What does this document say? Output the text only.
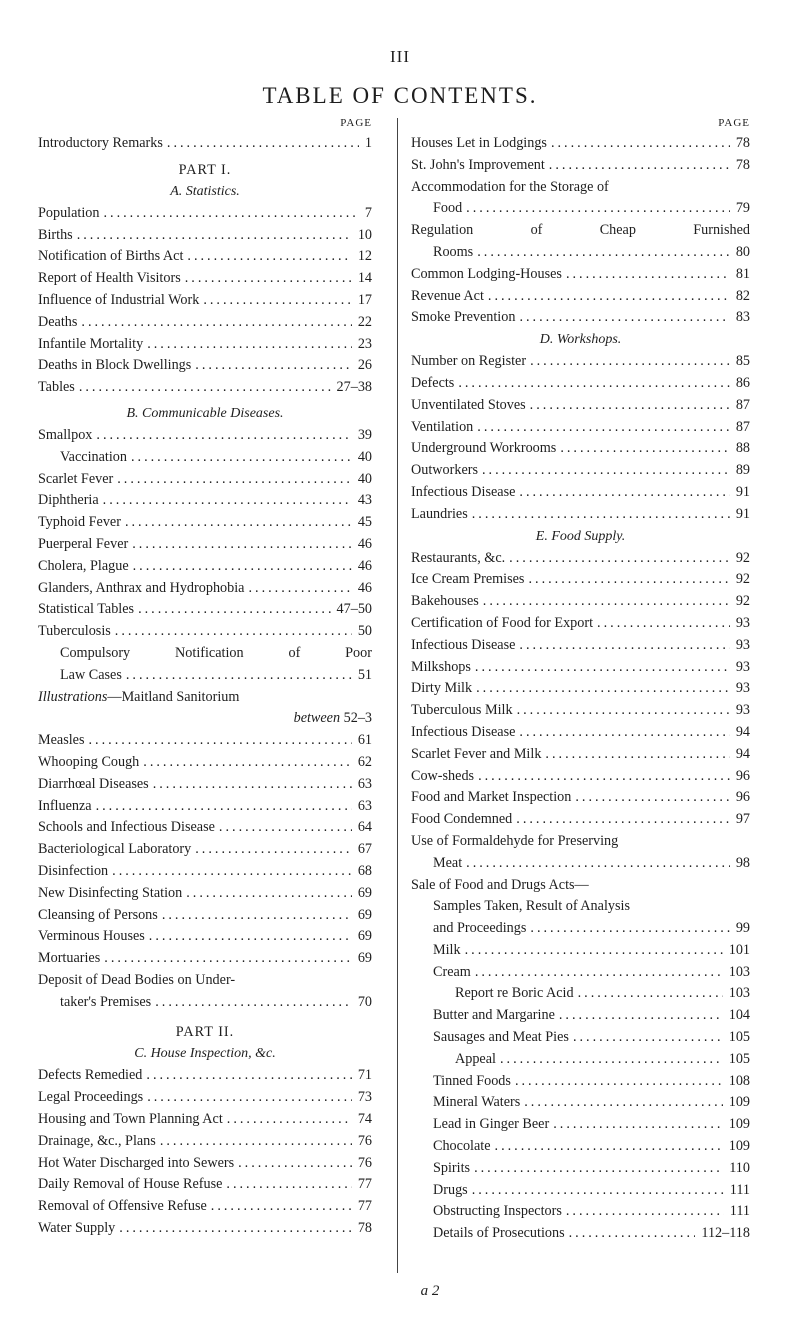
III
TABLE OF CONTENTS.
PAGE
Introductory Remarks .....	1
PART I.
A. Statistics.
Population .....	7
Births .....	10
Notification of Births Act .....	12
Report of Health Visitors .....	14
Influence of Industrial Work .....	17
Deaths .....	22
Infantile Mortality .....	23
Deaths in Block Dwellings .....	26
Tables .....	27–38
B. Communicable Diseases.
Smallpox .....	39
Vaccination .....	40
Scarlet Fever .....	40
Diphtheria .....	43
Typhoid Fever .....	45
Puerperal Fever .....	46
Cholera, Plague .....	46
Glanders, Anthrax and Hydrophobia .....	46
Statistical Tables .....	47–50
Tuberculosis .....	50
Compulsory	Notification	of	Poor
Law Cases .....	51
Illustrations—Maitland Sanitorium
between 52–3
Measles .....	61
Whooping Cough .....	62
Diarrhœal Diseases .....	63
Influenza .....	63
Schools and Infectious Disease .....	64
Bacteriological Laboratory .....	67
Disinfection .....	68
New Disinfecting Station .....	69
Cleansing of Persons .....	69
Verminous Houses .....	69
Mortuaries .....	69
Deposit of Dead Bodies on Under-
taker's Premises .....	70
PART II.
C. House Inspection, &c.
Defects Remedied .....	71
Legal Proceedings .....	73
Housing and Town Planning Act .....	74
Drainage, &c., Plans .....	76
Hot Water Discharged into Sewers .....	76
Daily Removal of House Refuse .....	77
Removal of Offensive Refuse .....	77
Water Supply .....	78
PAGE
Houses Let in Lodgings .....	78
St. John's Improvement .....	78
Accommodation for the Storage of
Food .....	79
Regulation	of	Cheap	Furnished
Rooms .....	80
Common Lodging-Houses .....	81
Revenue Act .....	82
Smoke Prevention .....	83
D. Workshops.
Number on Register .....	85
Defects .....	86
Unventilated Stoves .....	87
Ventilation .....	87
Underground Workrooms .....	88
Outworkers .....	89
Infectious Disease .....	91
Laundries .....	91
E. Food Supply.
Restaurants, &c. .....	92
Ice Cream Premises .....	92
Bakehouses .....	92
Certification of Food for Export .....	93
Infectious Disease .....	93
Milkshops .....	93
Dirty Milk .....	93
Tuberculous Milk .....	93
Infectious Disease .....	94
Scarlet Fever and Milk .....	94
Cow-sheds .....	96
Food and Market Inspection .....	96
Food Condemned .....	97
Use of Formaldehyde for Preserving
Meat .....	98
Sale of Food and Drugs Acts—
Samples Taken, Result of Analysis
and Proceedings .....	99
Milk .....	101
Cream .....	103
Report re Boric Acid .....	103
Butter and Margarine .....	104
Sausages and Meat Pies .....	105
Appeal .....	105
Tinned Foods .....	108
Mineral Waters .....	109
Lead in Ginger Beer .....	109
Chocolate .....	109
Spirits .....	110
Drugs .....	111
Obstructing Inspectors .....	111
Details of Prosecutions .....	112–118
a 2
